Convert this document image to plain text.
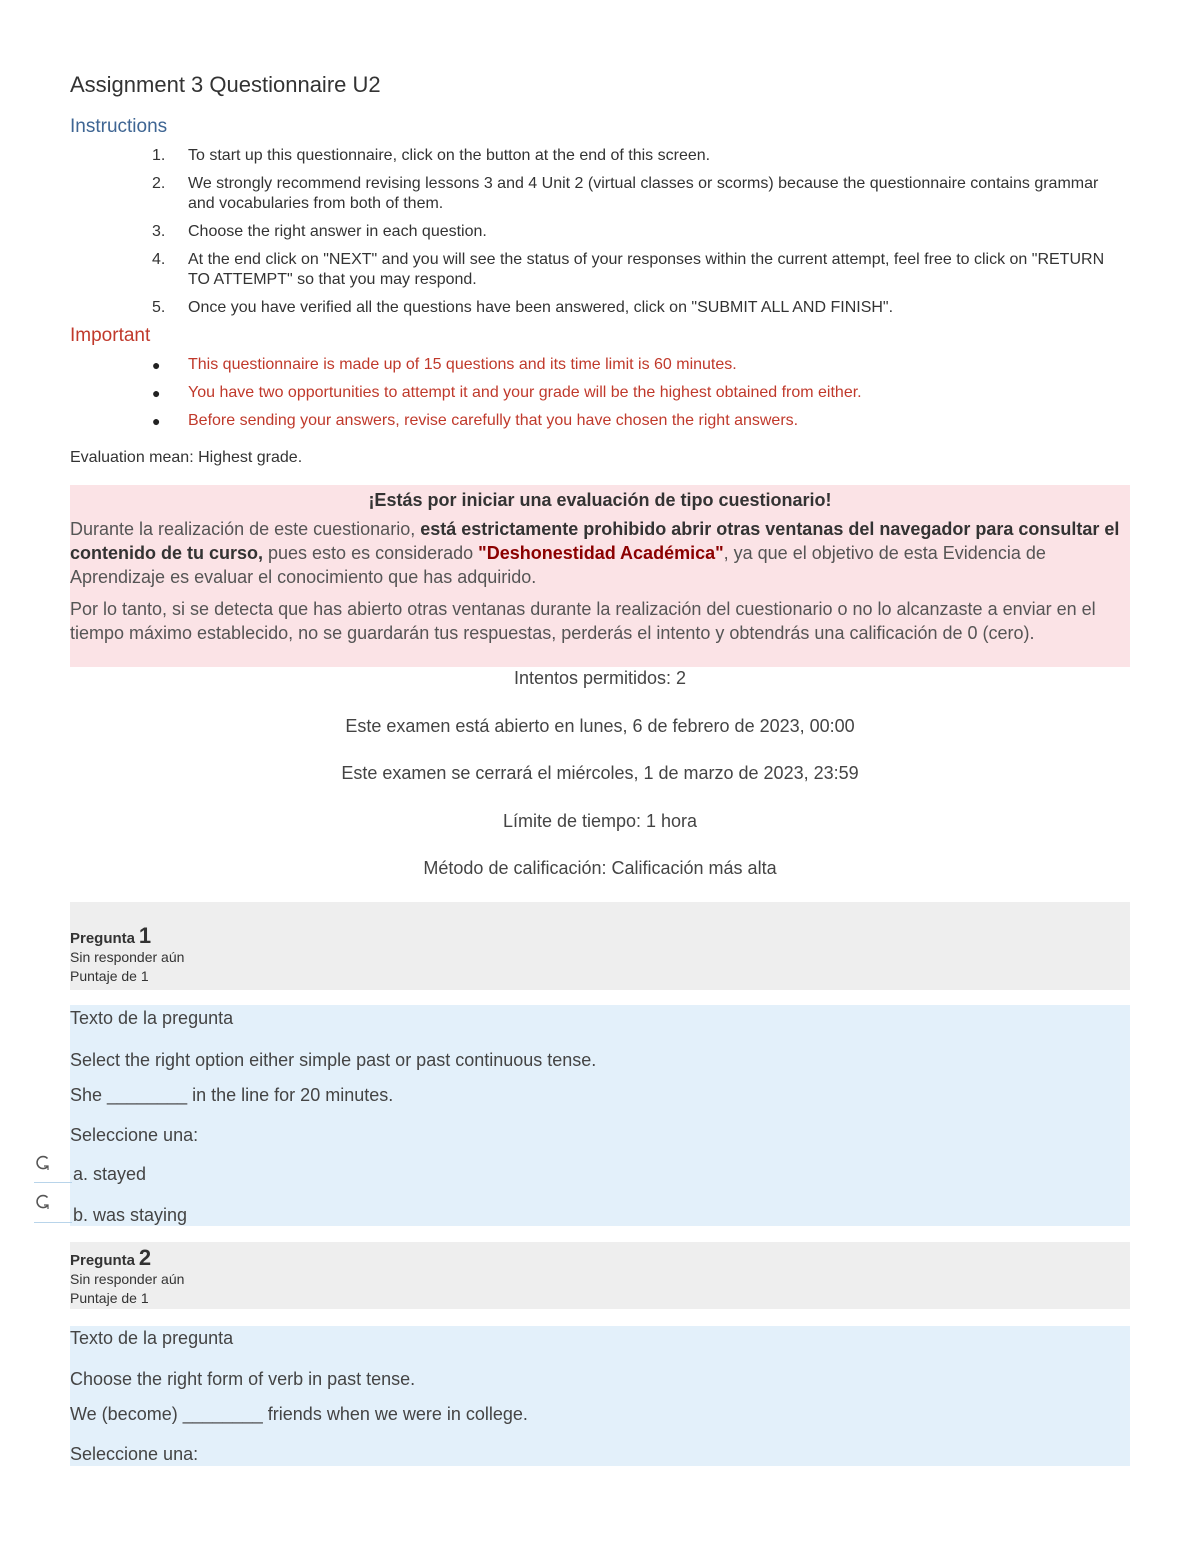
Assignment 3 Questionnaire U2
Instructions
1. To start up this questionnaire, click on the button at the end of this screen.
2. We strongly recommend revising lessons 3 and 4 Unit 2 (virtual classes or scorms) because the questionnaire contains grammar and vocabularies from both of them.
3. Choose the right answer in each question.
4. At the end click on "NEXT" and you will see the status of your responses within the current attempt, feel free to click on "RETURN TO ATTEMPT" so that you may respond.
5. Once you have verified all the questions have been answered, click on "SUBMIT ALL AND FINISH".
Important
● This questionnaire is made up of 15 questions and its time limit is 60 minutes.
● You have two opportunities to attempt it and your grade will be the highest obtained from either.
● Before sending your answers, revise carefully that you have chosen the right answers.
Evaluation mean: Highest grade.
¡Estás por iniciar una evaluación de tipo cuestionario!

Durante la realización de este cuestionario, está estrictamente prohibido abrir otras ventanas del navegador para consultar el contenido de tu curso, pues esto es considerado "Deshonestidad Académica", ya que el objetivo de esta Evidencia de Aprendizaje es evaluar el conocimiento que has adquirido.

Por lo tanto, si se detecta que has abierto otras ventanas durante la realización del cuestionario o no lo alcanzaste a enviar en el tiempo máximo establecido, no se guardarán tus respuestas, perderás el intento y obtendrás una calificación de 0 (cero).

Intentos permitidos: 2
Este examen está abierto en lunes, 6 de febrero de 2023, 00:00
Este examen se cerrará el miércoles, 1 de marzo de 2023, 23:59
Límite de tiempo: 1 hora
Método de calificación: Calificación más alta
Pregunta 1
Sin responder aún
Puntaje de 1
Texto de la pregunta
Select the right option either simple past or past continuous tense.
She ________ in the line for 20 minutes.
Seleccione una:
a. stayed
b. was staying
Pregunta 2
Sin responder aún
Puntaje de 1
Texto de la pregunta
Choose the right form of verb in past tense.
We (become) ________ friends when we were in college.
Seleccione una:
